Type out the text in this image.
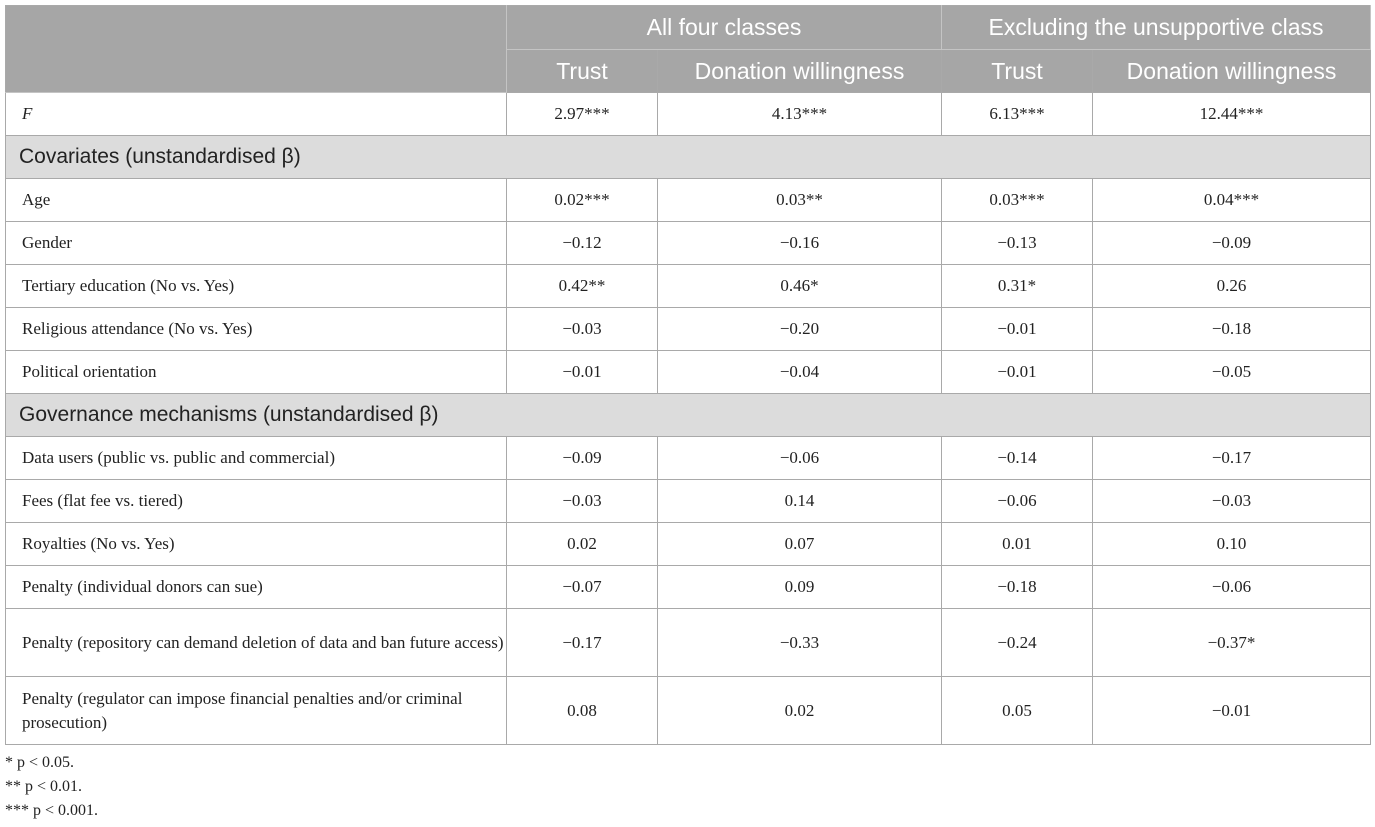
	All four classes		Excluding the unsupportive class	
	Trust	Donation willingness	Trust	Donation willingness
F	2.97***	4.13***	6.13***	12.44***
Covariates (unstandardised β)				
Age	0.02***	0.03**	0.03***	0.04***
Gender	−0.12	−0.16	−0.13	−0.09
Tertiary education (No vs. Yes)	0.42**	0.46*	0.31*	0.26
Religious attendance (No vs. Yes)	−0.03	−0.20	−0.01	−0.18
Political orientation	−0.01	−0.04	−0.01	−0.05
Governance mechanisms (unstandardised β)				
Data users (public vs. public and commercial)	−0.09	−0.06	−0.14	−0.17
Fees (flat fee vs. tiered)	−0.03	0.14	−0.06	−0.03
Royalties (No vs. Yes)	0.02	0.07	0.01	0.10
Penalty (individual donors can sue)	−0.07	0.09	−0.18	−0.06
Penalty (repository can demand deletion of data and ban future access)	−0.17	−0.33	−0.24	−0.37*
Penalty (regulator can impose financial penalties and/or criminal prosecution)	0.08	0.02	0.05	−0.01
* p < 0.05.
** p < 0.01.
*** p < 0.001.
